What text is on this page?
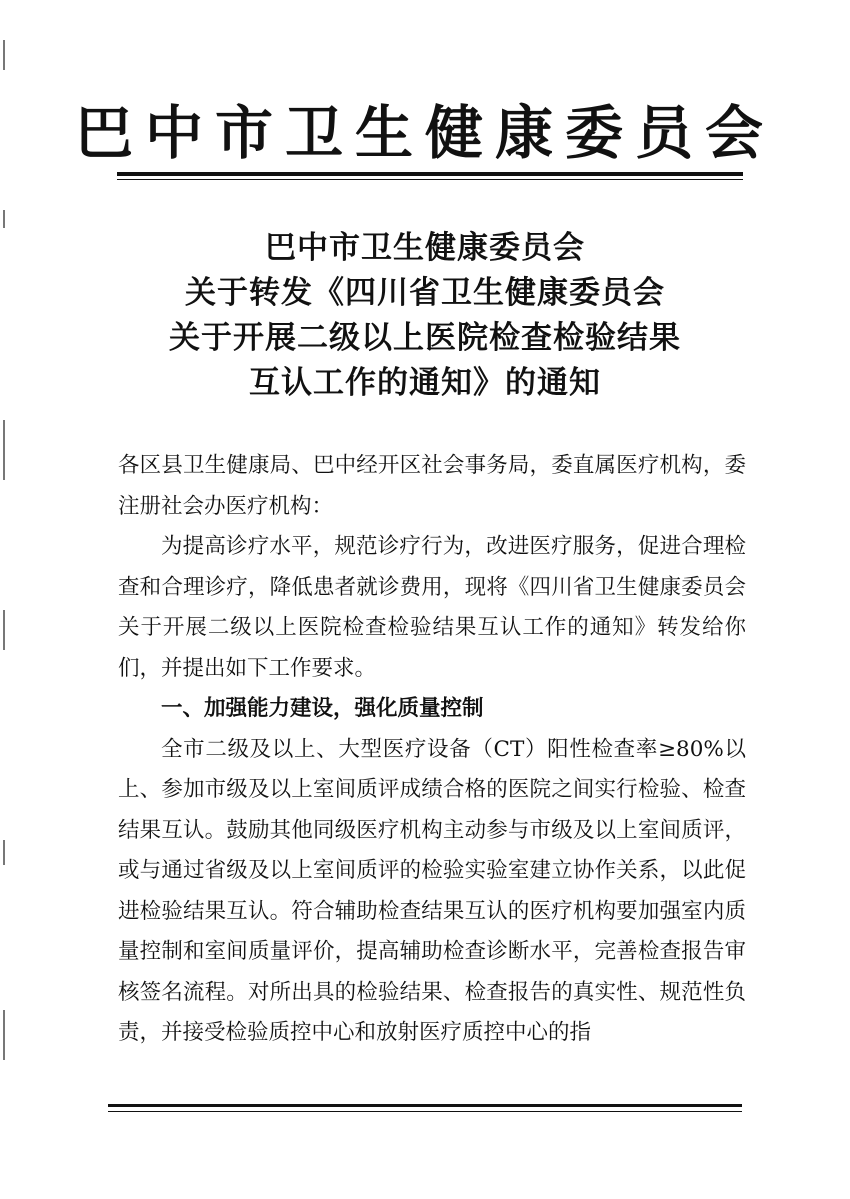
巴中市卫生健康委员会
巴中市卫生健康委员会
关于转发《四川省卫生健康委员会
关于开展二级以上医院检查检验结果
互认工作的通知》的通知

各区县卫生健康局、巴中经开区社会事务局，委直属医疗机构，委注册社会办医疗机构：

为提高诊疗水平，规范诊疗行为，改进医疗服务，促进合理检查和合理诊疗，降低患者就诊费用，现将《四川省卫生健康委员会关于开展二级以上医院检查检验结果互认工作的通知》转发给你们，并提出如下工作要求。

一、加强能力建设，强化质量控制

全市二级及以上、大型医疗设备（CT）阳性检查率≥80%以上、参加市级及以上室间质评成绩合格的医院之间实行检验、检查结果互认。鼓励其他同级医疗机构主动参与市级及以上室间质评，或与通过省级及以上室间质评的检验实验室建立协作关系，以此促进检验结果互认。符合辅助检查结果互认的医疗机构要加强室内质量控制和室间质量评价，提高辅助检查诊断水平，完善检查报告审核签名流程。对所出具的检验结果、检查报告的真实性、规范性负责，并接受检验质控中心和放射医疗质控中心的指
